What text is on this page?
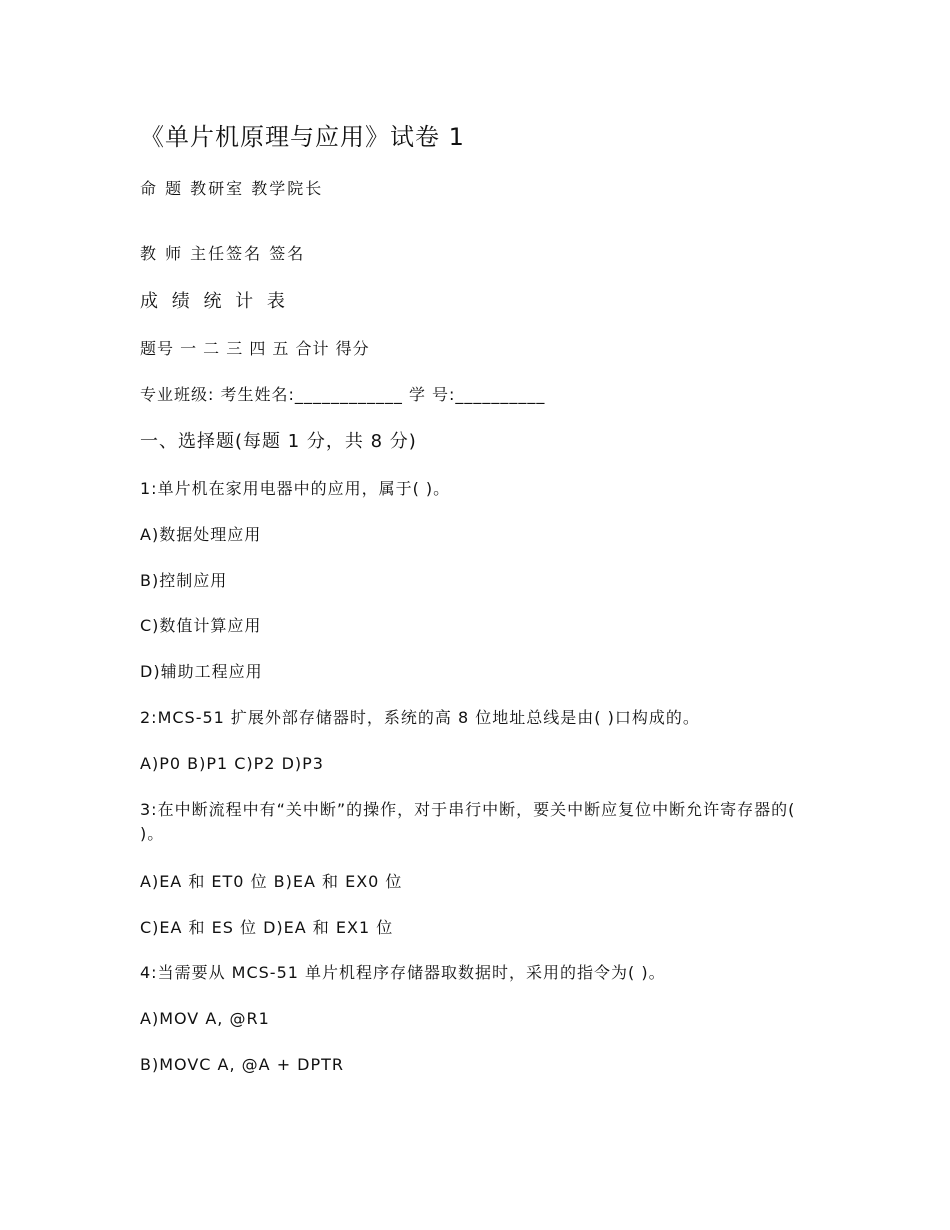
《单片机原理与应用》试卷 1
命 题 教研室 教学院长
教 师 主任签名 签名
成 绩 统 计 表
题号 一 二 三 四 五 合计 得分
专业班级: 考生姓名:____________ 学 号:__________
一、选择题(每题 1 分，共 8 分)
1:单片机在家用电器中的应用，属于( )。
A)数据处理应用
B)控制应用
C)数值计算应用
D)辅助工程应用
2:MCS-51 扩展外部存储器时，系统的高 8 位地址总线是由( )口构成的。
A)P0 B)P1 C)P2 D)P3
3:在中断流程中有“关中断”的操作，对于串行中断，要关中断应复位中断允许寄存器的( )。
A)EA 和 ET0 位 B)EA 和 EX0 位
C)EA 和 ES 位 D)EA 和 EX1 位
4:当需要从 MCS-51 单片机程序存储器取数据时，采用的指令为( )。
A)MOV A, @R1
B)MOVC A, @A + DPTR
